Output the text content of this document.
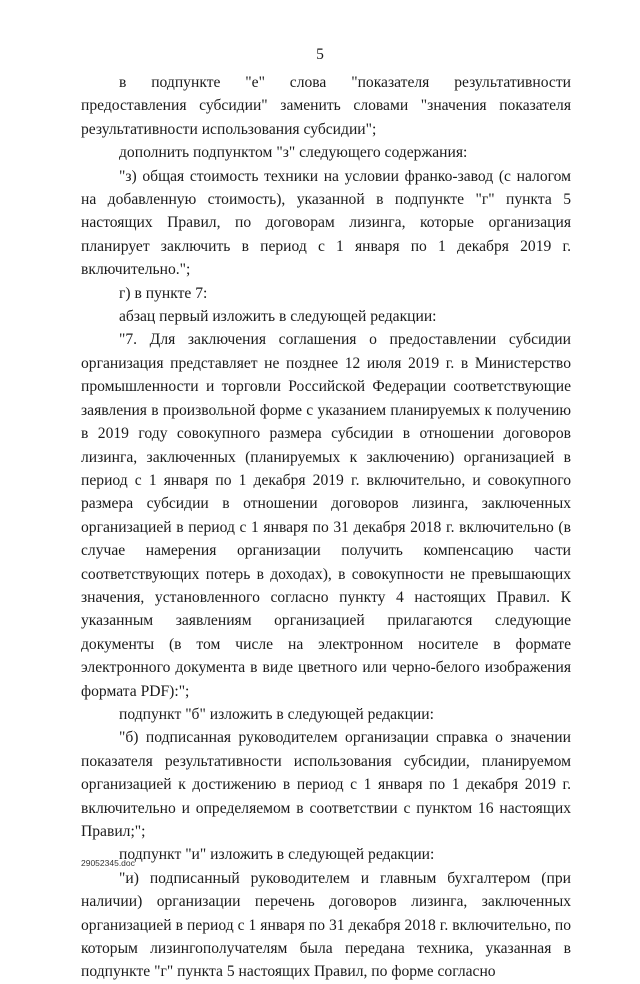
5

в подпункте "е" слова "показателя результативности предоставления субсидии" заменить словами "значения показателя результативности использования субсидии";

дополнить подпунктом "з" следующего содержания:

"з) общая стоимость техники на условии франко-завод (с налогом на добавленную стоимость), указанной в подпункте "г" пункта 5 настоящих Правил, по договорам лизинга, которые организация планирует заключить в период с 1 января по 1 декабря 2019 г. включительно.";

г) в пункте 7:

абзац первый изложить в следующей редакции:

"7. Для заключения соглашения о предоставлении субсидии организация представляет не позднее 12 июля 2019 г. в Министерство промышленности и торговли Российской Федерации соответствующие заявления в произвольной форме с указанием планируемых к получению в 2019 году совокупного размера субсидии в отношении договоров лизинга, заключенных (планируемых к заключению) организацией в период с 1 января по 1 декабря 2019 г. включительно, и совокупного размера субсидии в отношении договоров лизинга, заключенных организацией в период с 1 января по 31 декабря 2018 г. включительно (в случае намерения организации получить компенсацию части соответствующих потерь в доходах), в совокупности не превышающих значения, установленного согласно пункту 4 настоящих Правил. К указанным заявлениям организацией прилагаются следующие документы (в том числе на электронном носителе в формате электронного документа в виде цветного или черно-белого изображения формата PDF):";

подпункт "б" изложить в следующей редакции:

"б) подписанная руководителем организации справка о значении показателя результативности использования субсидии, планируемом организацией к достижению в период с 1 января по 1 декабря 2019 г. включительно и определяемом в соответствии с пунктом 16 настоящих Правил;";

подпункт "и" изложить в следующей редакции:

"и) подписанный руководителем и главным бухгалтером (при наличии) организации перечень договоров лизинга, заключенных организацией в период с 1 января по 31 декабря 2018 г. включительно, по которым лизингополучателям была передана техника, указанная в подпункте "г" пункта 5 настоящих Правил, по форме согласно

29052345.doc
